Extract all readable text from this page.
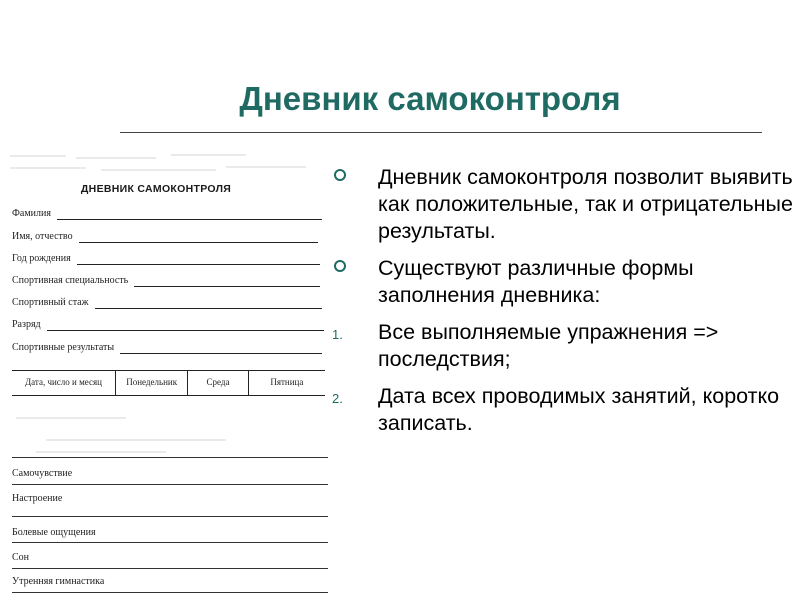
Дневник самоконтроля
ДНЕВНИК САМОКОНТРОЛЯ
Фамилия
Имя, отчество
Год рождения
Спортивная специальность
Спортивный стаж
Разряд
Спортивные результаты
Дата, число и месяц	Понедельник	Среда	Пятница
Самочувствие
Настроение
Болевые ощущения
Сон
Утренняя гимнастика
Дневник самоконтроля позволит выявить как положительные, так и отрицательные результаты.
Существуют различные формы заполнения дневника:
1. Все выполняемые упражнения => последствия;
2. Дата всех проводимых занятий, коротко записать.
